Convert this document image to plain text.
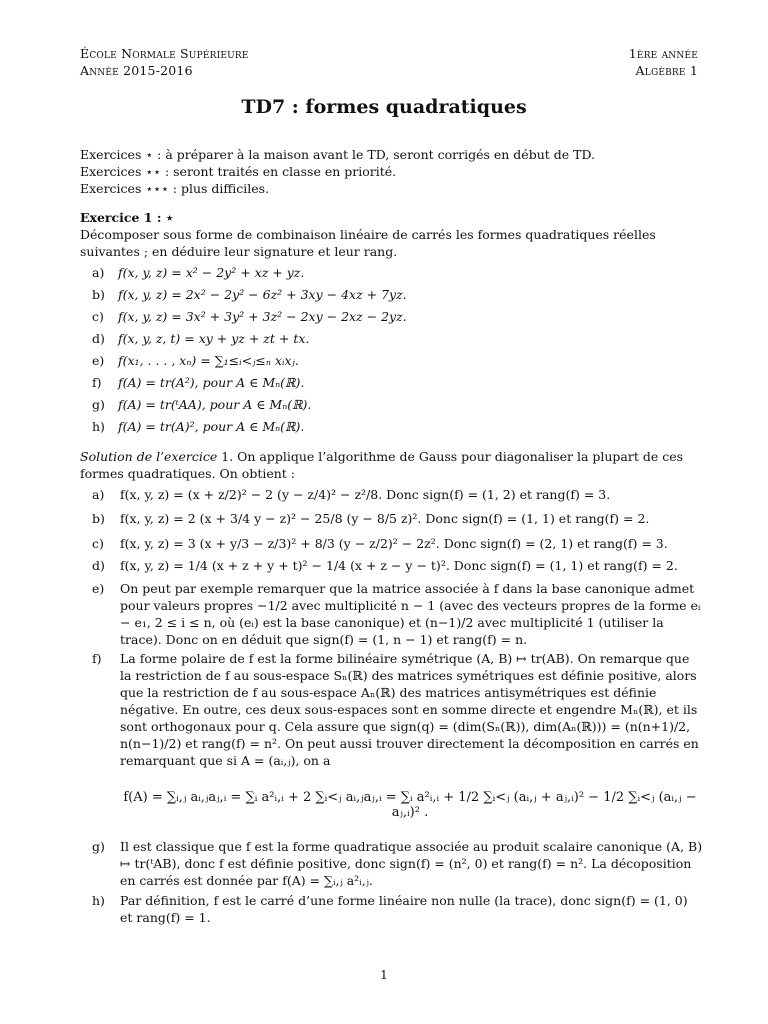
École Normale Supérieure
Année 2015-2016
1ère année
Algèbre 1
TD7 : formes quadratiques
Exercices ⋆ : à préparer à la maison avant le TD, seront corrigés en début de TD.
Exercices ⋆⋆ : seront traités en classe en priorité.
Exercices ⋆⋆⋆ : plus difficiles.
Exercice 1 : ⋆
Décomposer sous forme de combinaison linéaire de carrés les formes quadratiques réelles suivantes ; en déduire leur signature et leur rang.
a) f(x, y, z) = x² − 2y² + xz + yz.
b) f(x, y, z) = 2x² − 2y² − 6z² + 3xy − 4xz + 7yz.
c) f(x, y, z) = 3x² + 3y² + 3z² − 2xy − 2xz − 2yz.
d) f(x, y, z, t) = xy + yz + zt + tx.
e) f(x₁, . . . , xₙ) = ∑₁≤ᵢ<ⱼ≤ₙ xᵢxⱼ.
f) f(A) = tr(A²), pour A ∈ Mₙ(ℝ).
g) f(A) = tr(ᵗAA), pour A ∈ Mₙ(ℝ).
h) f(A) = tr(A)², pour A ∈ Mₙ(ℝ).
Solution de l’exercice 1. On applique l’algorithme de Gauss pour diagonaliser la plupart de ces formes quadratiques. On obtient :
a)	f(x, y, z) = (x + z/2)² − 2 (y − z/4)² − z²/8. Donc sign(f) = (1, 2) et rang(f) = 3.
b)	f(x, y, z) = 2 (x + 3/4 y − z)² − 25/8 (y − 8/5 z)². Donc sign(f) = (1, 1) et rang(f) = 2.
c)	f(x, y, z) = 3 (x + y/3 − z/3)² + 8/3 (y − z/2)² − 2z². Donc sign(f) = (2, 1) et rang(f) = 3.
d)	f(x, y, z) = 1/4 (x + z + y + t)² − 1/4 (x + z − y − t)². Donc sign(f) = (1, 1) et rang(f) = 2.
e)	On peut par exemple remarquer que la matrice associée à f dans la base canonique admet pour valeurs propres −1/2 avec multiplicité n − 1 (avec des vecteurs propres de la forme eᵢ − e₁, 2 ≤ i ≤ n, où (eᵢ) est la base canonique) et (n−1)/2 avec multiplicité 1 (utiliser la trace). Donc on en déduit que sign(f) = (1, n − 1) et rang(f) = n.
f)	La forme polaire de f est la forme bilinéaire symétrique (A, B) ↦ tr(AB). On remarque que la restriction de f au sous-espace Sₙ(ℝ) des matrices symétriques est définie positive, alors que la restriction de f au sous-espace Aₙ(ℝ) des matrices antisymétriques est définie négative. En outre, ces deux sous-espaces sont en somme directe et engendre Mₙ(ℝ), et ils sont orthogonaux pour q. Cela assure que sign(q) = (dim(Sₙ(ℝ)), dim(Aₙ(ℝ))) = (n(n+1)/2, n(n−1)/2) et rang(f) = n². On peut aussi trouver directement la décomposition en carrés en remarquant que si A = (aᵢ,ⱼ), on a
f(A) = ∑ᵢ,ⱼ aᵢ,ⱼaⱼ,ᵢ = ∑ᵢ a²ᵢ,ᵢ + 2 ∑ᵢ<ⱼ aᵢ,ⱼaⱼ,ᵢ = ∑ᵢ a²ᵢ,ᵢ + 1/2 ∑ᵢ<ⱼ (aᵢ,ⱼ + aⱼ,ᵢ)² − 1/2 ∑ᵢ<ⱼ (aᵢ,ⱼ − aⱼ,ᵢ)² .
g)	Il est classique que f est la forme quadratique associée au produit scalaire canonique (A, B) ↦ tr(ᵗAB), donc f est définie positive, donc sign(f) = (n², 0) et rang(f) = n². La décoposition en carrés est donnée par f(A) = ∑ᵢ,ⱼ a²ᵢ,ⱼ.
h)	Par définition, f est le carré d’une forme linéaire non nulle (la trace), donc sign(f) = (1, 0) et rang(f) = 1.
1
